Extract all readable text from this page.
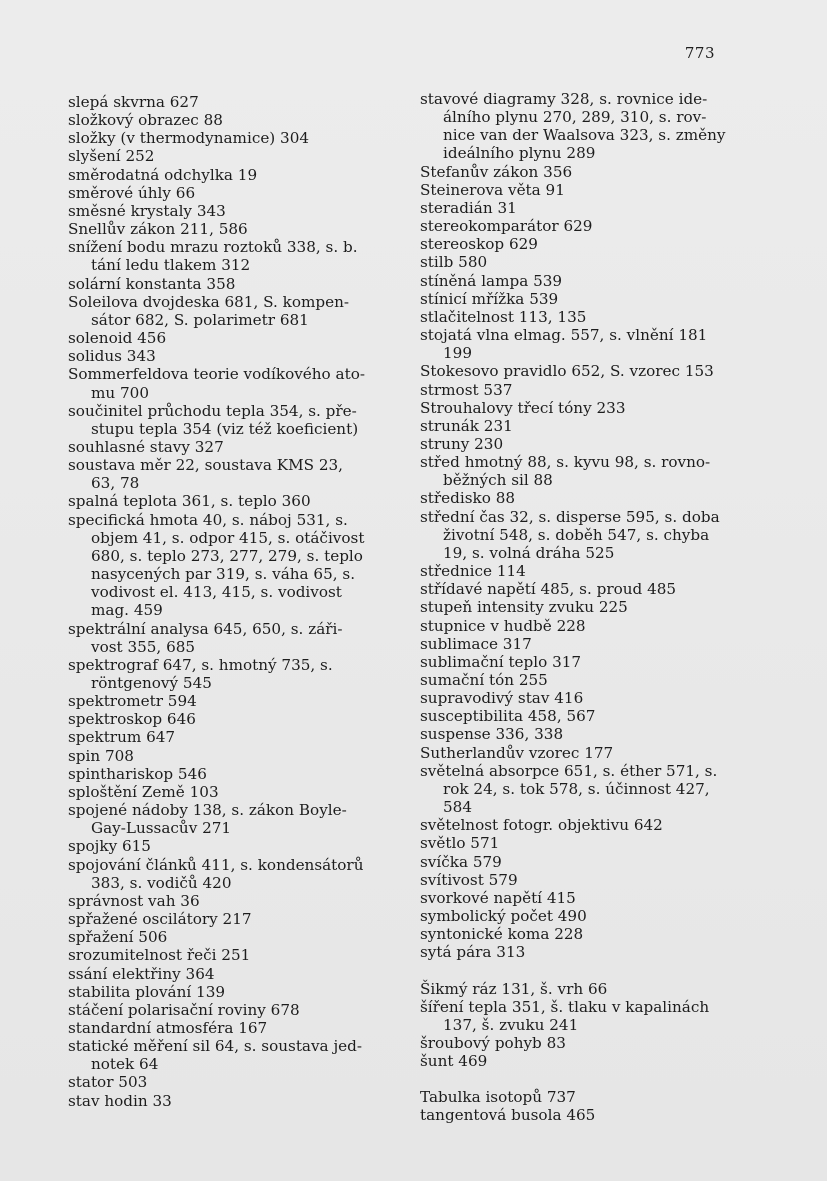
773
slepá skvrna 627
složkový obrazec 88
složky (v thermodynamice) 304
slyšení 252
směrodatná odchylka 19
směrové úhly 66
směsné krystaly 343
Snellův zákon 211, 586
snížení bodu mrazu roztoků 338, s. b.
tání ledu tlakem 312
solární konstanta 358
Soleilova dvojdeska 681, S. kompen-
sátor 682, S. polarimetr 681
solenoid 456
solidus 343
Sommerfeldova teorie vodíkového ato-
mu 700
součinitel průchodu tepla 354, s. pře-
stupu tepla 354 (viz též koeficient)
souhlasné stavy 327
soustava měr 22, soustava KMS 23,
63, 78
spalná teplota 361, s. teplo 360
specifická hmota 40, s. náboj 531, s.
objem 41, s. odpor 415, s. otáčivost
680, s. teplo 273, 277, 279, s. teplo
nasycených par 319, s. váha 65, s.
vodivost el. 413, 415, s. vodivost
mag. 459
spektrální analysa 645, 650, s. záři-
vost 355, 685
spektrograf 647, s. hmotný 735, s.
röntgenový 545
spektrometr 594
spektroskop 646
spektrum 647
spin 708
spinthariskop 546
sploštění Země 103
spojené nádoby 138, s. zákon Boyle-
Gay-Lussacův 271
spojky 615
spojování článků 411, s. kondensátorů
383, s. vodičů 420
správnost vah 36
spřažené oscilátory 217
spřažení 506
srozumitelnost řeči 251
ssání elektřiny 364
stabilita plování 139
stáčení polarisační roviny 678
standardní atmosféra 167
statické měření sil 64, s. soustava jed-
notek 64
stator 503
stav hodin 33
stavové diagramy 328, s. rovnice ide-
álního plynu 270, 289, 310, s. rov-
nice van der Waalsova 323, s. změny
ideálního plynu 289
Stefanův zákon 356
Steinerova věta 91
steradián 31
stereokomparátor 629
stereoskop 629
stilb 580
stíněná lampa 539
stínicí mřížka 539
stlačitelnost 113, 135
stojatá vlna elmag. 557, s. vlnění 181
199
Stokesovo pravidlo 652, S. vzorec 153
strmost 537
Strouhalovy třecí tóny 233
strunák 231
struny 230
střed hmotný 88, s. kyvu 98, s. rovno-
běžných sil 88
středisko 88
střední čas 32, s. disperse 595, s. doba
životní 548, s. doběh 547, s. chyba
19, s. volná dráha 525
střednice 114
střídavé napětí 485, s. proud 485
stupeň intensity zvuku 225
stupnice v hudbě 228
sublimace 317
sublimační teplo 317
sumační tón 255
supravodivý stav 416
susceptibilita 458, 567
suspense 336, 338
Sutherlandův vzorec 177
světelná absorpce 651, s. éther 571, s.
rok 24, s. tok 578, s. účinnost 427,
584
světelnost fotogr. objektivu 642
světlo 571
svíčka 579
svítivost 579
svorkové napětí 415
symbolický počet 490
syntonické koma 228
sytá pára 313
Šikmý ráz 131, š. vrh 66
šíření tepla 351, š. tlaku v kapalinách
137, š. zvuku 241
šroubový pohyb 83
šunt 469
Tabulka isotopů 737
tangentová busola 465
